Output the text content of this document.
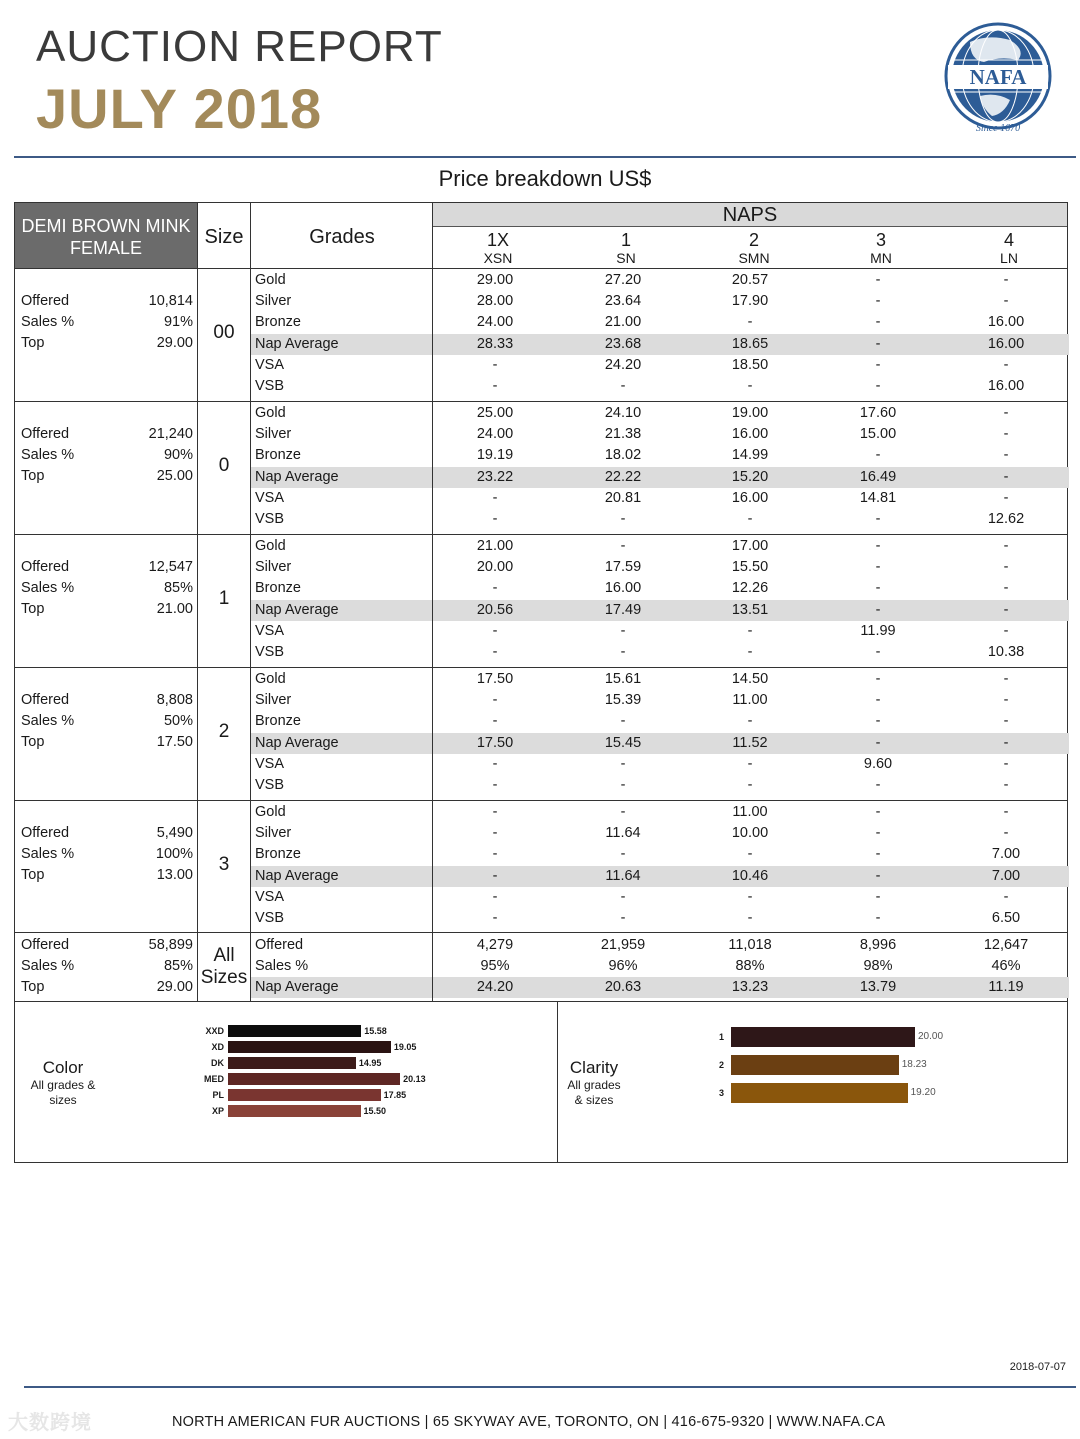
AUCTION REPORT
JULY 2018	NAFA
Since 1670
Price breakdown US$
DEMI BROWN MINK
FEMALE	Size	Grades
NAPS
1X
XSN
1
SN
2
SMN
3
MN
4
LN
Gold	29.00	27.20	20.57	-	-
Silver	28.00	23.64	17.90	-	-
Bronze	24.00	21.00	-	-	16.00
Nap Average	28.33	23.68	18.65	-	16.00
VSA	-	24.20	18.50	-	-
VSB	-	-	-	-	16.00
Offered	10,814
Sales %	91%
Top	29.00
00
Gold	25.00	24.10	19.00	17.60	-
Silver	24.00	21.38	16.00	15.00	-
Bronze	19.19	18.02	14.99	-	-
Nap Average	23.22	22.22	15.20	16.49	-
VSA	-	20.81	16.00	14.81	-
VSB	-	-	-	-	12.62
Offered	21,240
Sales %	90%
Top	25.00
0
Gold	21.00	-	17.00	-	-
Silver	20.00	17.59	15.50	-	-
Bronze	-	16.00	12.26	-	-
Nap Average	20.56	17.49	13.51	-	-
VSA	-	-	-	11.99	-
VSB	-	-	-	-	10.38
Offered	12,547
Sales %	85%
Top	21.00
1
Gold	17.50	15.61	14.50	-	-
Silver	-	15.39	11.00	-	-
Bronze	-	-	-	-	-
Nap Average	17.50	15.45	11.52	-	-
VSA	-	-	-	9.60	-
VSB	-	-	-	-	-
Offered	8,808
Sales %	50%
Top	17.50
2
Gold	-	-	11.00	-	-
Silver	-	11.64	10.00	-	-
Bronze	-	-	-	-	7.00
Nap Average	-	11.64	10.46	-	7.00
VSA	-	-	-	-	-
VSB	-	-	-	-	6.50
Offered	5,490
Sales %	100%
Top	13.00
3
Offered	4,279	21,959	11,018	8,996	12,647
Sales %	95%	96%	88%	98%	46%
Nap Average	24.20	20.63	13.23	13.79	11.19
Offered	58,899
Sales %	85%
Top	29.00
All
Sizes
Color
All grades &
sizes
XXD	15.58
XD	19.05
DK	14.95
MED	20.13
PL	17.85
XP	15.50
Clarity
All grades
& sizes
1	20.00
2	18.23
3	19.20
2018-07-07
大数跨境	NORTH AMERICAN FUR AUCTIONS | 65 SKYWAY AVE, TORONTO, ON | 416-675-9320 | WWW.NAFA.CA
